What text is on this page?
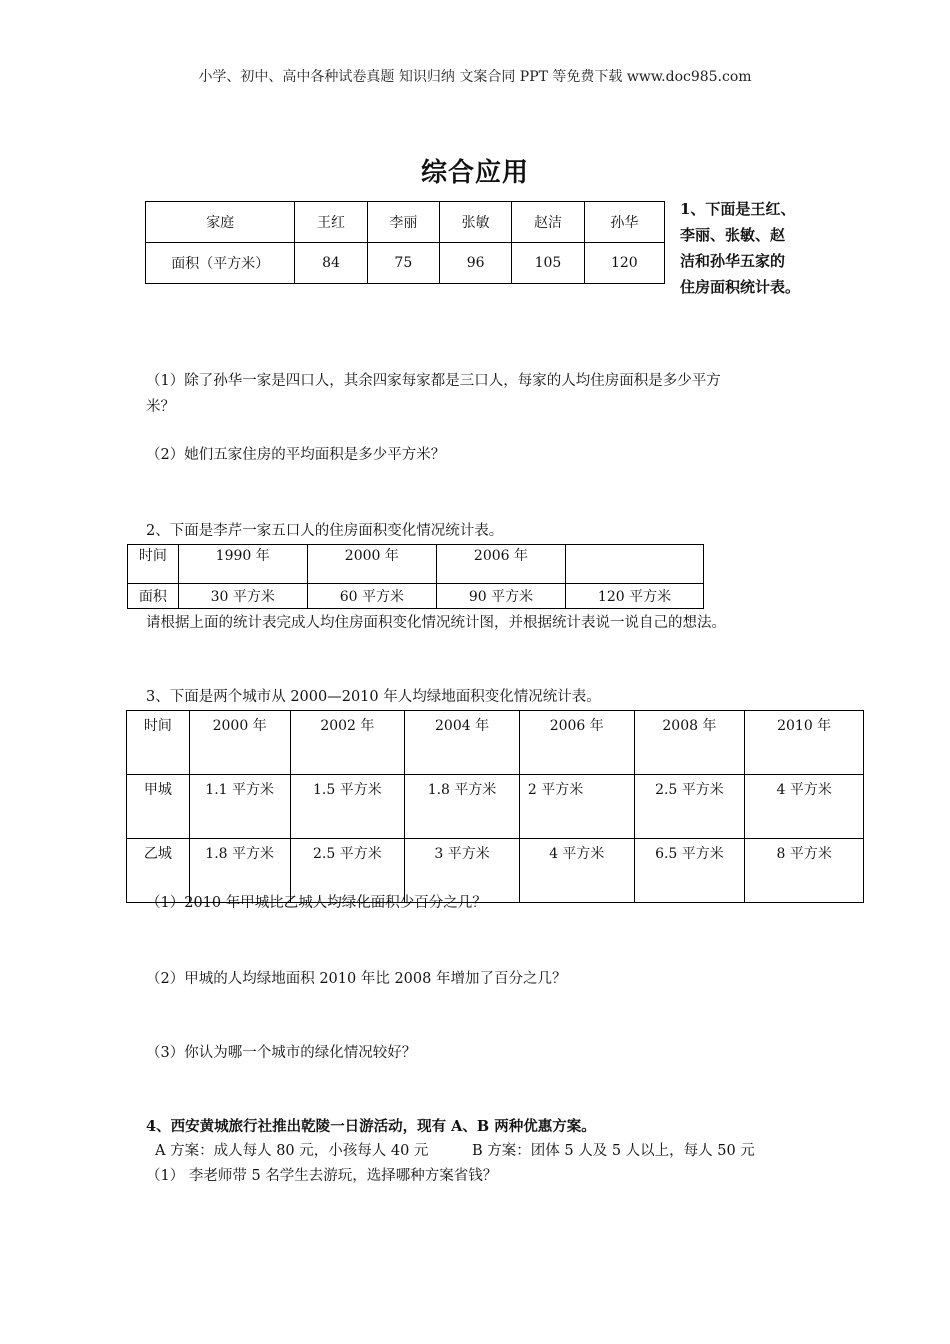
小学、初中、高中各种试卷真题 知识归纳 文案合同 PPT 等免费下载 www.doc985.com
综合应用
家庭	王红	李丽	张敏	赵洁	孙华
面积（平方米）	84	75	96	105	120
1、下面是王红、
李丽、张敏、赵
洁和孙华五家的
住房面积统计表。
（1）除了孙华一家是四口人，其余四家每家都是三口人，每家的人均住房面积是多少平方
米？
（2）她们五家住房的平均面积是多少平方米？
2、下面是李芹一家五口人的住房面积变化情况统计表。
时间	1990 年	2000 年	2006 年	
面积	30 平方米	60 平方米	90 平方米	120 平方米
请根据上面的统计表完成人均住房面积变化情况统计图，并根据统计表说一说自己的想法。
3、下面是两个城市从 2000—2010 年人均绿地面积变化情况统计表。
时间	2000 年	2002 年	2004 年	2006 年	2008 年	2010 年
甲城	1.1 平方米	1.5 平方米	1.8 平方米	2 平方米	2.5 平方米	4 平方米
乙城	1.8 平方米	2.5 平方米	3 平方米	4 平方米	6.5 平方米	8 平方米
（1）2010 年甲城比乙城人均绿化面积少百分之几？
（2）甲城的人均绿地面积 2010 年比 2008 年增加了百分之几？
（3）你认为哪一个城市的绿化情况较好？
4、西安黄城旅行社推出乾陵一日游活动，现有 A、B 两种优惠方案。
A 方案：成人每人 80 元，小孩每人 40 元	B 方案：团体 5 人及 5 人以上，每人 50 元
（1） 李老师带 5 名学生去游玩，选择哪种方案省钱？
